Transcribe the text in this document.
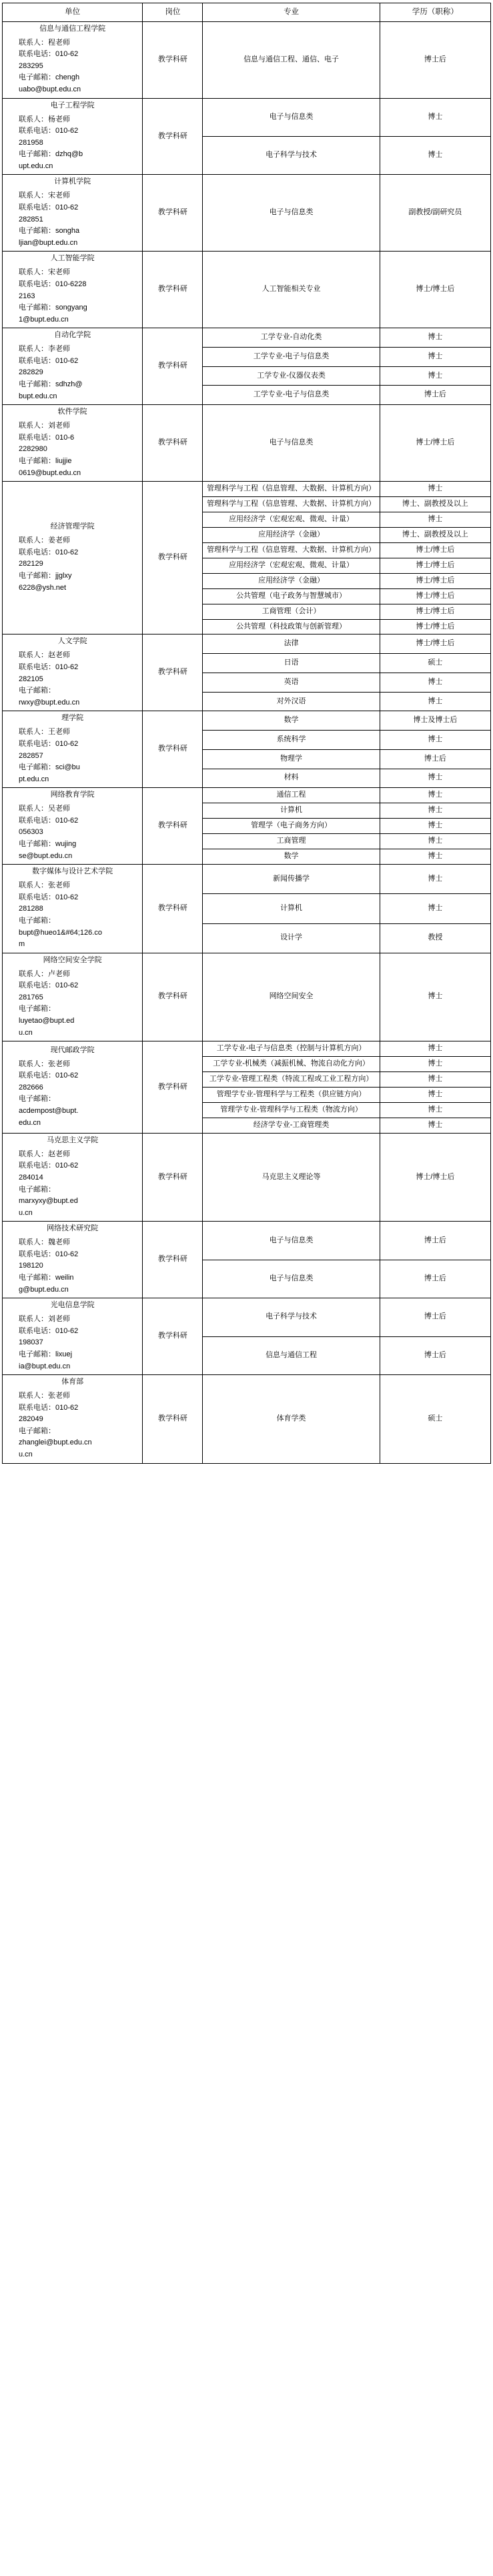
单位	岗位	专业	学历（职称）

信息与通信工程学院
联系人：程老师
联系电话：010-62
283295
电子邮箱：chengh
uabo@bupt.edu.cn
	教学科研	信息与通信工程、通信、电子	博士后

电子工程学院
联系人：杨老师
联系电话：010-62
281958
电子邮箱：dzhq@b
upt.edu.cn
	教学科研	电子与信息类	博士
		电子科学与技术	博士

计算机学院
联系人：宋老师
联系电话：010-62
282851
电子邮箱：songha
ljian@bupt.edu.cn
	教学科研	电子与信息类	副教授/副研究员

人工智能学院
联系人：宋老师
联系电话：010-6228
2163
电子邮箱：songyang
1@bupt.edu.cn
	教学科研	人工智能相关专业	博士/博士后

自动化学院
联系人：李老师
联系电话：010-62
282829
电子邮箱：sdhzh@
bupt.edu.cn
	教学科研	工学专业-自动化类	博士
		工学专业-电子与信息类	博士
		工学专业-仪器仪表类	博士
		工学专业-电子与信息类	博士后

软件学院
联系人：刘老师
联系电话：010-6
2282980
电子邮箱：liujjie
0619@bupt.edu.cn
	教学科研	电子与信息类	博士/博士后

经济管理学院
联系人：姜老师
联系电话：010-62
282129
电子邮箱：jjglxy
6228@ysh.net
	教学科研	管理科学与工程（信息管理、大数据、计算机方向）	博士
		管理科学与工程（信息管理、大数据、计算机方向）	博士、副教授及以上
		应用经济学（宏观宏观、微观、计量）	博士
		应用经济学（金融）	博士、副教授及以上
		管理科学与工程（信息管理、大数据、计算机方向）	博士/博士后
		应用经济学（宏观宏观、微观、计量）	博士/博士后
		应用经济学（金融）	博士/博士后
		公共管理（电子政务与智慧城市）	博士/博士后
		工商管理（会计）	博士/博士后
		公共管理（科技政策与创新管理）	博士/博士后

人文学院
联系人：赵老师
联系电话：010-62
282105
电子邮箱：
rwxy@bupt.edu.cn
	教学科研	法律	博士/博士后
		日语	硕士
		英语	博士
		对外汉语	博士

理学院
联系人：王老师
联系电话：010-62
282857
电子邮箱：sci@bu
pt.edu.cn
	教学科研	数学	博士及博士后
		系统科学	博士
		物理学	博士后
		材料	博士

网络教育学院
联系人：吴老师
联系电话：010-62
056303
电子邮箱：wujing
se@bupt.edu.cn
	教学科研	通信工程	博士
		计算机	博士
		管理学（电子商务方向）	博士
		工商管理	博士
		数学	博士

数字媒体与设计艺术学院
联系人：张老师
联系电话：010-62
281288
电子邮箱：
bupt@hueo1&#64;126.co
m
	教学科研	新闻传播学	博士
		计算机	博士
		设计学	教授

网络空间安全学院
联系人：卢老师
联系电话：010-62
281765
电子邮箱：
luyetao@bupt.ed
u.cn
	教学科研	网络空间安全	博士

现代邮政学院
联系人：张老师
联系电话：010-62
282666
电子邮箱：
acdempost@bupt.
edu.cn
	教学科研	工学专业-电子与信息类（控制与计算机方向）	博士
		工学专业-机械类（减振机械、物流自动化方向）	博士
		工学专业-管理工程类（特流工程或工业工程方向）	博士
		管理学专业-管理科学与工程类（供应链方向）	博士
		管理学专业-管理科学与工程类（物流方向）	博士
		经济学专业-工商管理类	博士

马克思主义学院
联系人：赵老师
联系电话：010-62
284014
电子邮箱：
marxyxy@bupt.ed
u.cn
	教学科研	马克思主义理论等	博士/博士后

网络技术研究院
联系人：魏老师
联系电话：010-62
198120
电子邮箱：weilin
g@bupt.edu.cn
	教学科研	电子与信息类	博士后
		电子与信息类	博士后

光电信息学院
联系人：刘老师
联系电话：010-62
198037
电子邮箱：lixuej
ia@bupt.edu.cn
	教学科研	电子科学与技术	博士后
		信息与通信工程	博士后

体育部
联系人：张老师
联系电话：010-62
282049
电子邮箱：
zhanglei@bupt.edu.cn
u.cn
	教学科研	体育学类	硕士
